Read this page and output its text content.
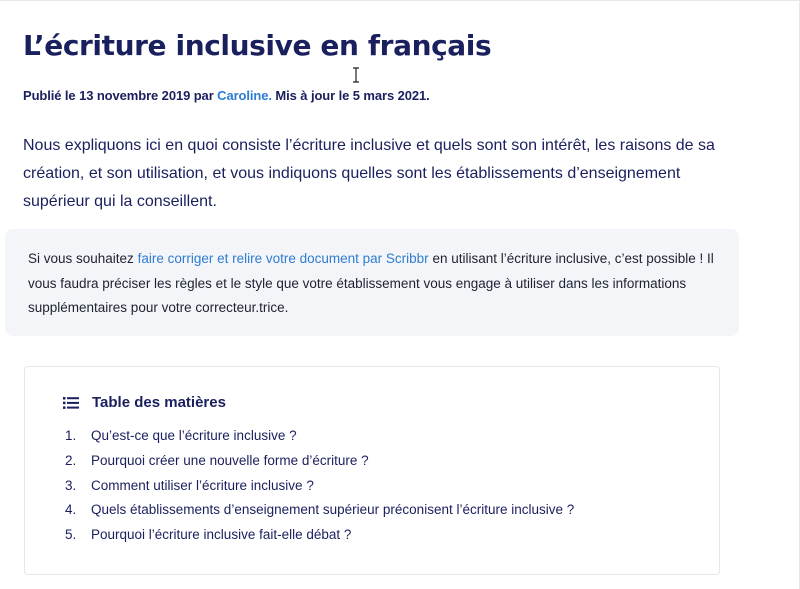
L’écriture inclusive en français
Publié le 13 novembre 2019 par Caroline. Mis à jour le 5 mars 2021.

Nous expliquons ici en quoi consiste l’écriture inclusive et quels sont son intérêt, les raisons de sa création, et son utilisation, et vous indiquons quelles sont les établissements d’enseignement supérieur qui la conseillent.

Si vous souhaitez faire corriger et relire votre document par Scribbr en utilisant l’écriture inclusive, c’est possible ! Il vous faudra préciser les règles et le style que votre établissement vous engage à utiliser dans les informations supplémentaires pour votre correcteur.trice.
Table des matières
1.	Qu’est-ce que l’écriture inclusive ?
2.	Pourquoi créer une nouvelle forme d’écriture ?
3.	Comment utiliser l’écriture inclusive ?
4.	Quels établissements d’enseignement supérieur préconisent l’écriture inclusive ?
5.	Pourquoi l’écriture inclusive fait-elle débat ?
